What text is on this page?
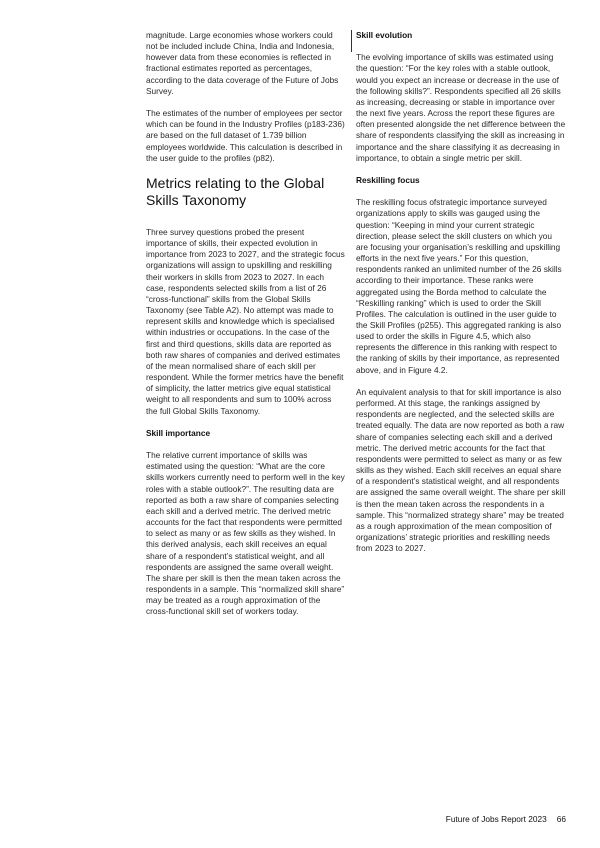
magnitude. Large economies whose workers could not be included include China, India and Indonesia, however data from these economies is reflected in fractional estimates reported as percentages, according to the data coverage of the Future of Jobs Survey.

The estimates of the number of employees per sector which can be found in the Industry Profiles (p183-236) are based on the full dataset of 1.739 billion employees worldwide. This calculation is described in the user guide to the profiles (p82).

Metrics relating to the Global Skills Taxonomy

Three survey questions probed the present importance of skills, their expected evolution in importance from 2023 to 2027, and the strategic focus organizations will assign to upskilling and reskilling their workers in skills from 2023 to 2027. In each case, respondents selected skills from a list of 26 “cross-functional” skills from the Global Skills Taxonomy (see Table A2). No attempt was made to represent skills and knowledge which is specialised within industries or occupations. In the case of the first and third questions, skills data are reported as both raw shares of companies and derived estimates of the mean normalised share of each skill per respondent. While the former metrics have the benefit of simplicity, the latter metrics give equal statistical weight to all respondents and sum to 100% across the full Global Skills Taxonomy.

Skill importance

The relative current importance of skills was estimated using the question: “What are the core skills workers currently need to perform well in the key roles with a stable outlook?”. The resulting data are reported as both a raw share of companies selecting each skill and a derived metric. The derived metric accounts for the fact that respondents were permitted to select as many or as few skills as they wished. In this derived analysis, each skill receives an equal share of a respondent’s statistical weight, and all respondents are assigned the same overall weight. The share per skill is then the mean taken across the respondents in a sample. This “normalized skill share” may be treated as a rough approximation of the cross-functional skill set of workers today.

Skill evolution

The evolving importance of skills was estimated using the question: “For the key roles with a stable outlook, would you expect an increase or decrease in the use of the following skills?”. Respondents specified all 26 skills as increasing, decreasing or stable in importance over the next five years. Across the report these figures are often presented alongside the net difference between the share of respondents classifying the skill as increasing in importance and the share classifying it as decreasing in importance, to obtain a single metric per skill.

Reskilling focus

The reskilling focus ofstrategic importance surveyed organizations apply to skills was gauged using the question: “Keeping in mind your current strategic direction, please select the skill clusters on which you are focusing your organisation’s reskilling and upskilling efforts in the next five years.” For this question, respondents ranked an unlimited number of the 26 skills according to their importance. These ranks were aggregated using the Borda method to calculate the “Reskilling ranking” which is used to order the Skill Profiles. The calculation is outlined in the user guide to the Skill Profiles (p255). This aggregated ranking is also used to order the skills in Figure 4.5, which also represents the difference in this ranking with respect to the ranking of skills by their importance, as represented above, and in Figure 4.2.

An equivalent analysis to that for skill importance is also performed. At this stage, the rankings assigned by respondents are neglected, and the selected skills are treated equally. The data are now reported as both a raw share of companies selecting each skill and a derived metric. The derived metric accounts for the fact that respondents were permitted to select as many or as few skills as they wished. Each skill receives an equal share of a respondent’s statistical weight, and all respondents are assigned the same overall weight. The share per skill is then the mean taken across the respondents in a sample. This “normalized strategy share” may be treated as a rough approximation of the mean composition of organizations’ strategic priorities and reskilling needs from 2023 to 2027.

Future of Jobs Report 2023 66
